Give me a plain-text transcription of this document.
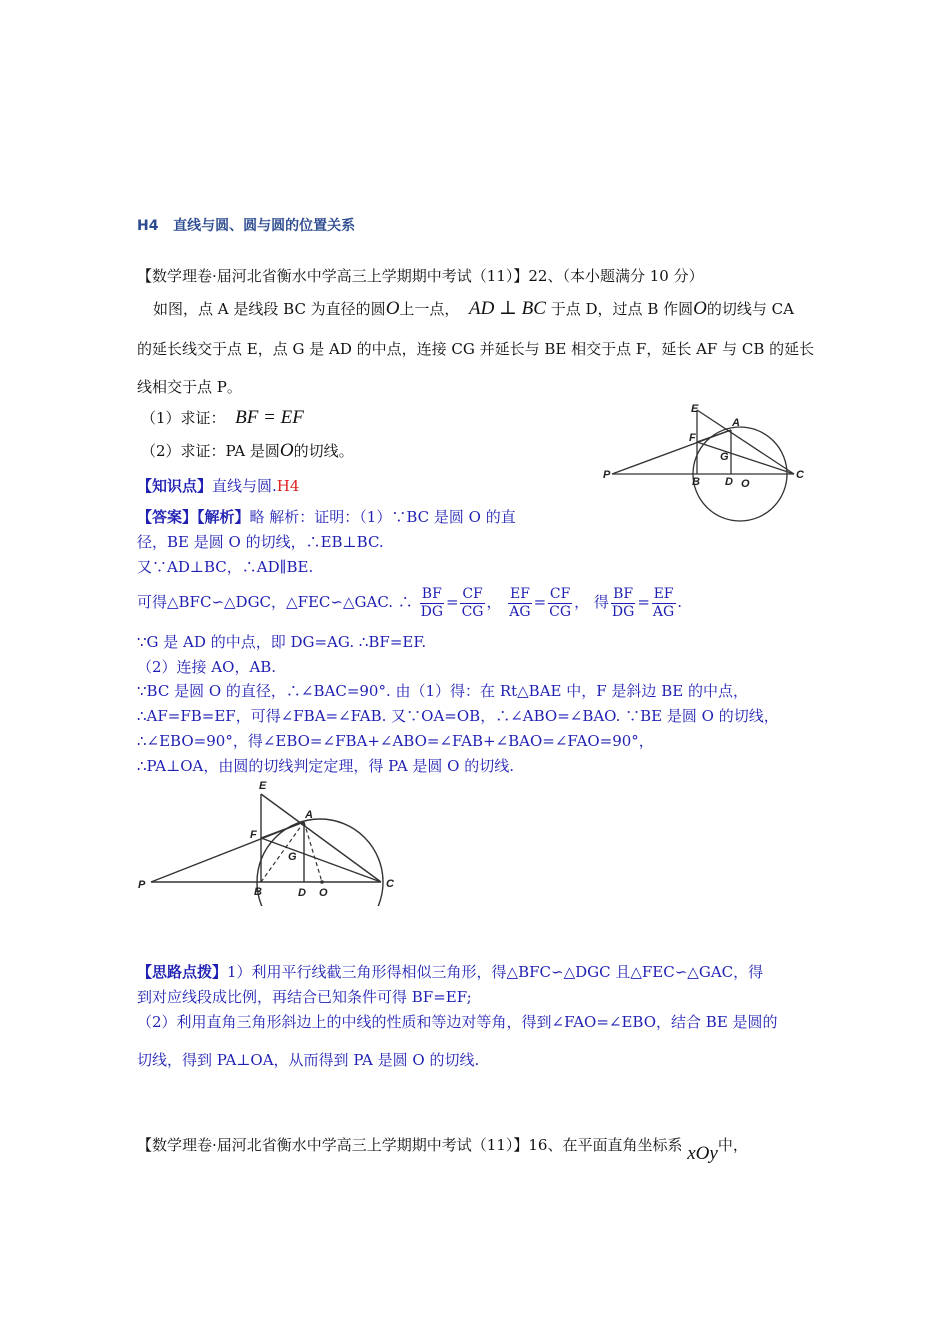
H4 直线与圆、圆与圆的位置关系
【数学理卷·届河北省衡水中学高三上学期期中考试（11）】22、（本小题满分 10 分）
如图，点 A 是线段 BC 为直径的圆O上一点， AD ⊥ BC 于点 D，过点 B 作圆O的切线与 CA
的延长线交于点 E，点 G 是 AD 的中点，连接 CG 并延长与 BE 相交于点 F，延长 AF 与 CB 的延长
线相交于点 P。
（1）求证： BF = EF
（2）求证：PA 是圆O的切线。
E
A
F
G
P
B D O
C
【知识点】直线与圆.H4
【答案】【解析】略 解析：证明：（1）∵BC 是圆 O 的直
径，BE 是圆 O 的切线，∴EB⊥BC.
又∵AD⊥BC，∴AD∥BE.
可得△BFC∽△DGC，△FEC∽△GAC. ∴ $\frac{BF}{DG} = \frac{CF}{CG}$ ， $\frac{EF}{AG} = \frac{CF}{CG}$ ， 得 $\frac{BF}{DG} = \frac{EF}{AG}$ .
∵G 是 AD 的中点，即 DG=AG. ∴BF=EF.
（2）连接 AO，AB.
∵BC 是圆 O 的直径，∴∠BAC=90°. 由（1）得：在 Rt△BAE 中，F 是斜边 BE 的中点，
∴AF=FB=EF，可得∠FBA=∠FAB. 又∵OA=OB，∴∠ABO=∠BAO. ∵BE 是圆 O 的切线，
∴∠EBO=90°，得∠EBO=∠FBA+∠ABO=∠FAB+∠BAO=∠FAO=90°，
∴PA⊥OA，由圆的切线判定定理，得 PA 是圆 O 的切线.
E
A
F
G
P
B	D O
C
【思路点拨】1）利用平行线截三角形得相似三角形，得△BFC∽△DGC 且△FEC∽△GAC，得
到对应线段成比例，再结合已知条件可得 BF=EF;
（2）利用直角三角形斜边上的中线的性质和等边对等角，得到∠FAO=∠EBO，结合 BE 是圆的
切线，得到 PA⊥OA，从而得到 PA 是圆 O 的切线.
【数学理卷·届河北省衡水中学高三上学期期中考试（11）】16、在平面直角坐标系 xOy中，
